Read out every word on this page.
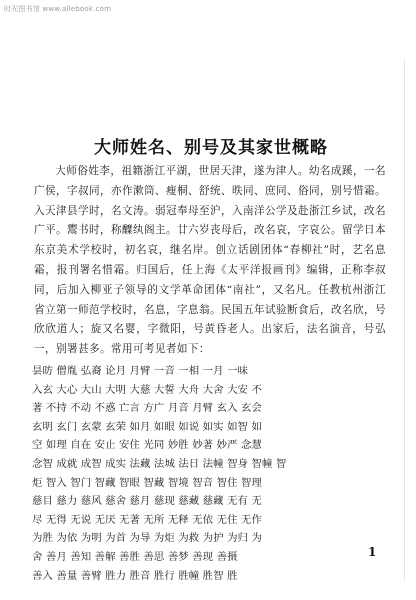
时光图书馆 www.allebook.com
大师姓名、别号及其家世概略

大师俗姓李，祖籍浙江平湖，世居天津，遂为津人。幼名成蹊，一名广侯，字叔同，亦作漱筒、瘦桐、舒统、昳同、庶同、俗同，别号惜霜。入天津县学时，名文涛。弱冠奉母至沪，入南洋公学及赴浙江乡试，改名广平。鬻书时，称醾纨阁主。廿六岁丧母后，改名哀，字哀公。留学日本东京美术学校时，初名哀，继名岸。创立话剧团体“春柳社”时，艺名息霜，报刊署名惜霜。归国后，任上海《太平洋报画刊》编辑，正称李叔同，后加入柳亚子领导的文学革命团体“南社”，又名凡。任教杭州浙江省立第一师范学校时，名息，字息翁。民国五年试验断食后，改名欣，号欣欣道人；旋又名婴，字微阳，号黄昏老人。出家后，法名演音，号弘一，别署甚多。常用可考见者如下：

昙昉 僧胤 弘裔 论月 月臂 一音 一相 一月 一味
入玄 大心 大山 大明 大慈 大誓 大舟 大舍 大安 不
著 不持 不动 不惑 亡言 方广 月音 月臂 玄入 玄会
玄明 玄门 玄蒙 玄荣 如月 如眼 如说 如实 如智 如
空 如理 自在 安止 安住 光同 妙胜 妙著 妙严 念慧
念智 成就 成智 成实 法藏 法城 法日 法幢 智身 智幢 智
炬 智入 智门 智藏 智眼 智藏 智境 智音 智住 智理
慈目 慈力 慈风 慈舍 慈月 慈现 慈藏 慈藏 无有 无
尽 无得 无说 无厌 无著 无所 无释 无依 无住 无作
为胜 为依 为明 为首 为导 为炬 为救 为护 为归 为
舍 善月 善知 善解 善胜 善思 善梦 善现 善摄
善入 善量 善臂 胜力 胜音 胜行 胜幢 胜智 胜
1
